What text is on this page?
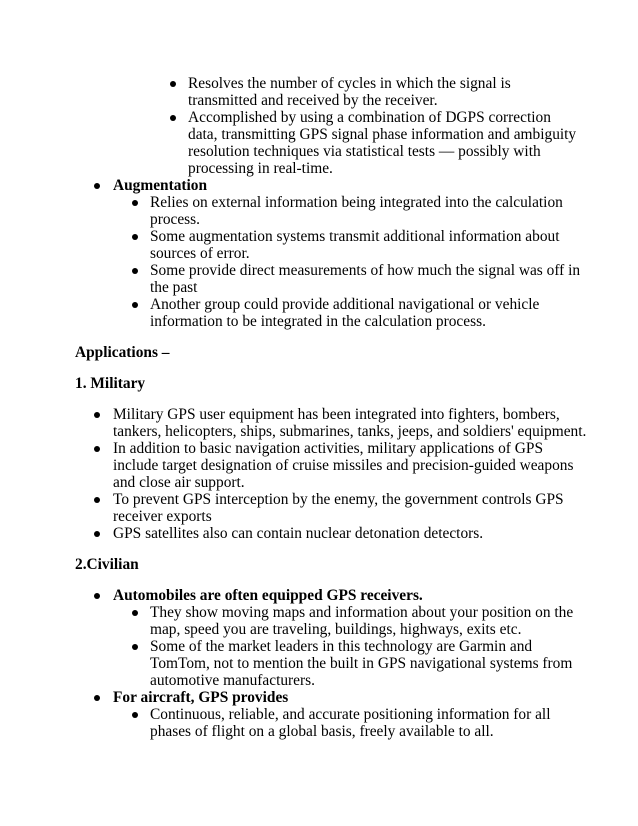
Resolves the number of cycles in which the signal is
transmitted and received by the receiver.
Accomplished by using a combination of DGPS correction
data, transmitting GPS signal phase information and ambiguity
resolution techniques via statistical tests — possibly with
processing in real-time.
Augmentation
Relies on external information being integrated into the calculation
process.
Some augmentation systems transmit additional information about
sources of error.
Some provide direct measurements of how much the signal was off in
the past
Another group could provide additional navigational or vehicle
information to be integrated in the calculation process.
Applications –
1. Military
Military GPS user equipment has been integrated into fighters, bombers,
tankers, helicopters, ships, submarines, tanks, jeeps, and soldiers' equipment.
In addition to basic navigation activities, military applications of GPS
include target designation of cruise missiles and precision-guided weapons
and close air support.
To prevent GPS interception by the enemy, the government controls GPS
receiver exports
GPS satellites also can contain nuclear detonation detectors.
2.Civilian
Automobiles are often equipped GPS receivers.
They show moving maps and information about your position on the
map, speed you are traveling, buildings, highways, exits etc.
Some of the market leaders in this technology are Garmin and
TomTom, not to mention the built in GPS navigational systems from
automotive manufacturers.
For aircraft, GPS provides
Continuous, reliable, and accurate positioning information for all
phases of flight on a global basis, freely available to all.
